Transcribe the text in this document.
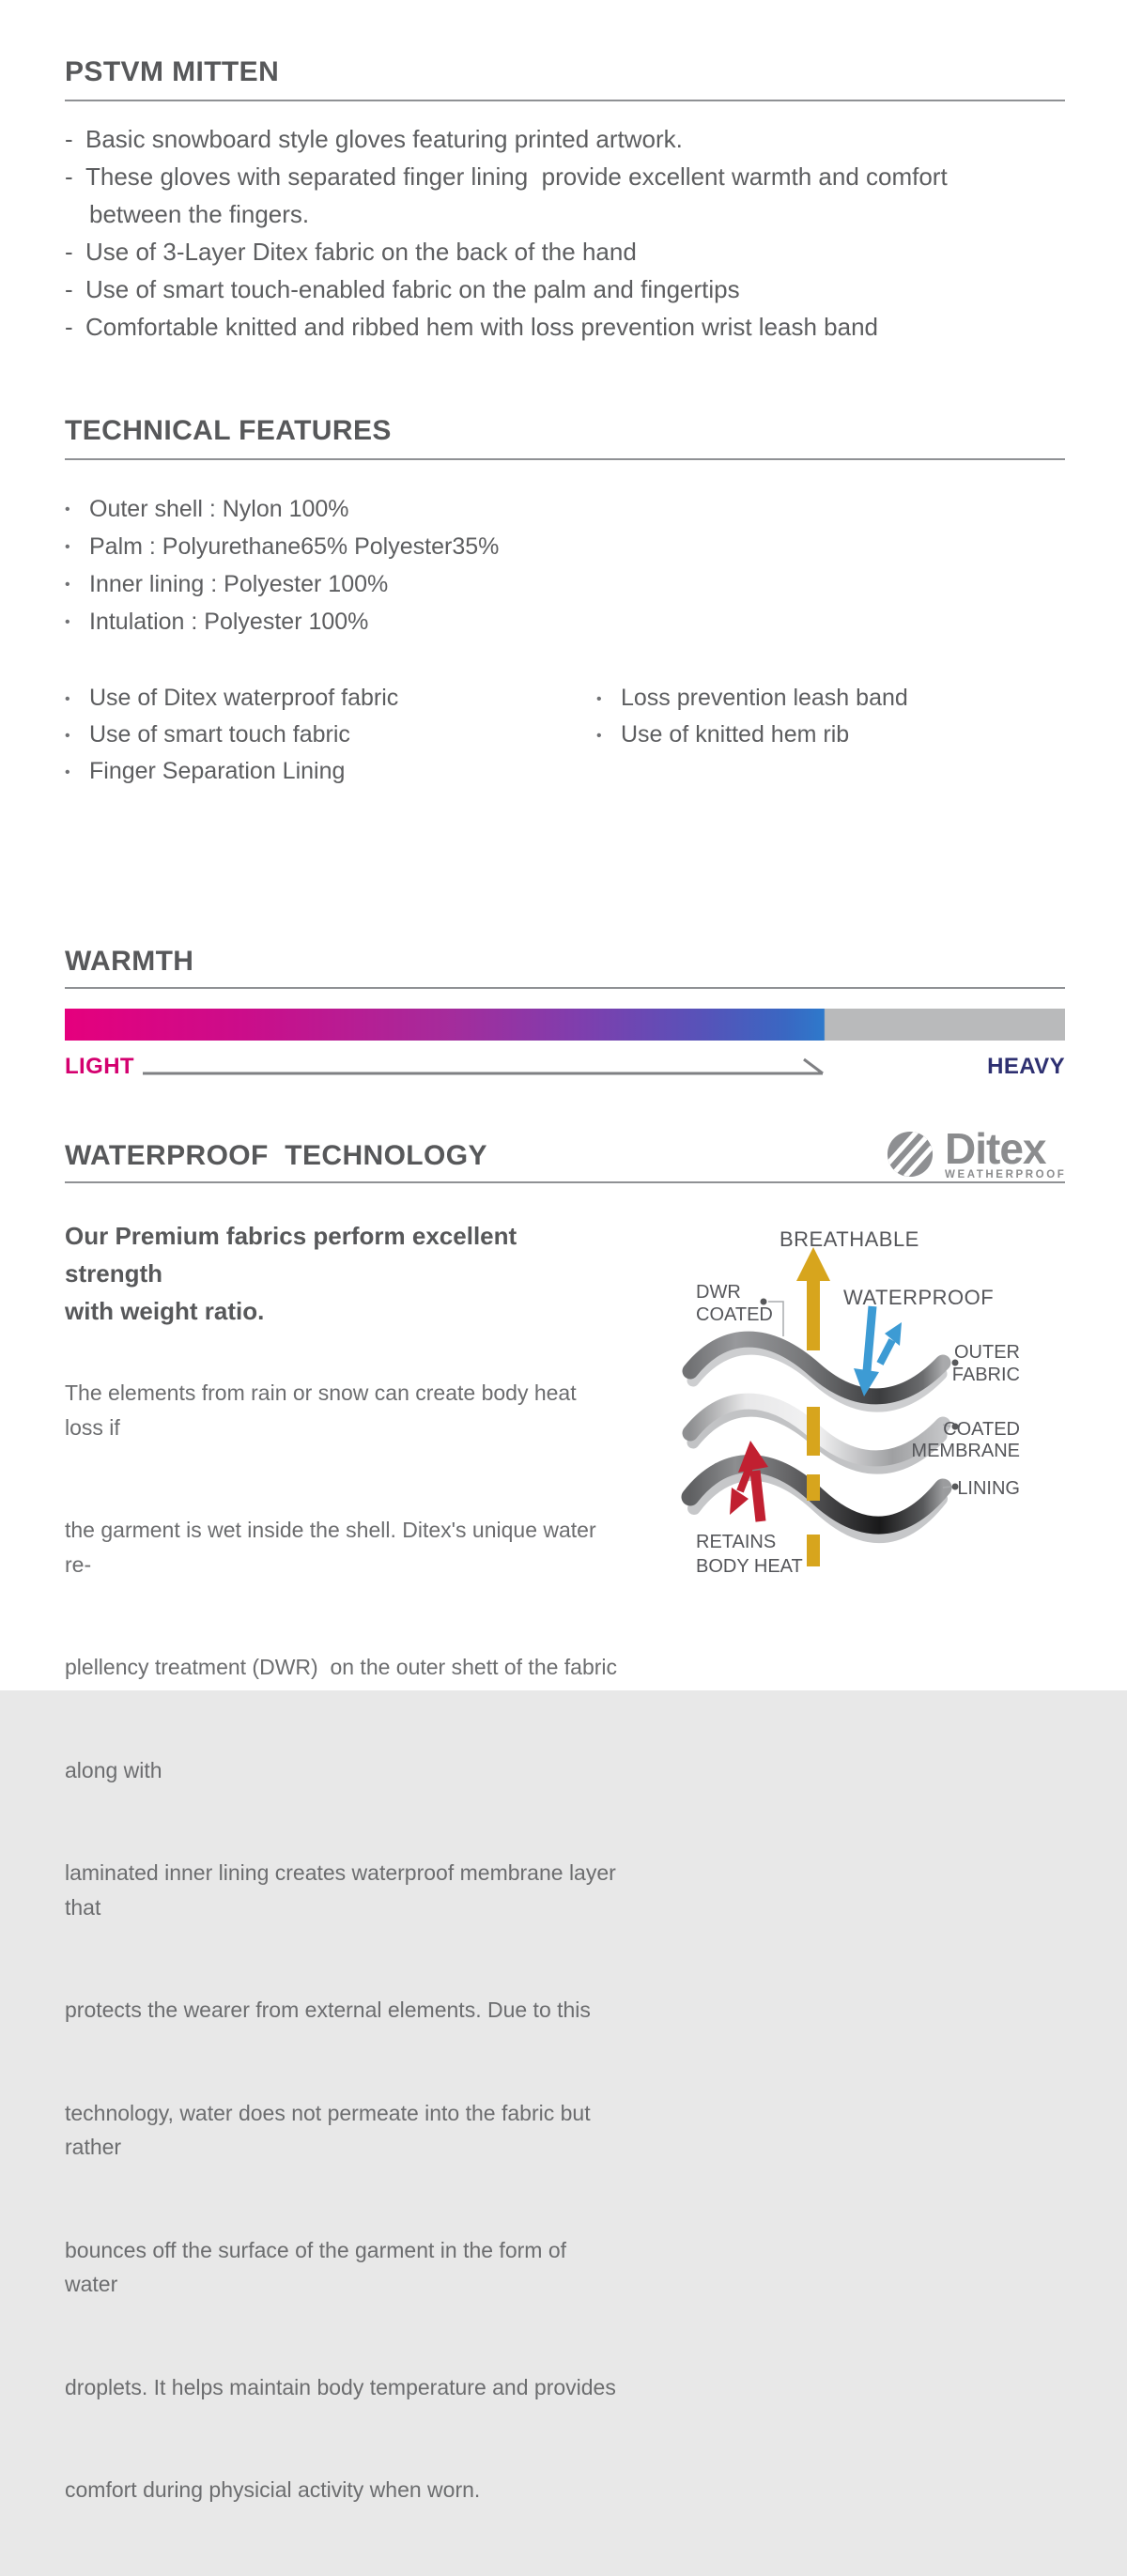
PSTVM MITTEN
- Basic snowboard style gloves featuring printed artwork.
- These gloves with separated finger lining  provide excellent warmth and comfort
between the fingers.
- Use of 3-Layer Ditex fabric on the back of the hand
- Use of smart touch-enabled fabric on the palm and fingertips
- Comfortable knitted and ribbed hem with loss prevention wrist leash band
TECHNICAL FEATURES
• Outer shell : Nylon 100%
• Palm : Polyurethane65% Polyester35%
• Inner lining : Polyester 100%
• Intulation : Polyester 100%
• Use of Ditex waterproof fabric
• Use of smart touch fabric
• Finger Separation Lining
• Loss prevention leash band
• Use of knitted hem rib
WARMTH
LIGHT	HEAVY
WATERPROOF  TECHNOLOGY	Ditex
WEATHERPROOF
Our Premium fabrics perform excellent strength
with weight ratio.

The elements from rain or snow can create body heat loss if

the garment is wet inside the shell. Ditex's unique water re-

plellency treatment (DWR)  on the outer shett of the fabric

along with

laminated inner lining creates waterproof membrane layer that

protects the wearer from external elements. Due to this

technology, water does not permeate into the fabric but rather

bounces off the surface of the garment in the form of water

droplets. It helps maintain body temperature and provides

comfort during physicial activity when worn.

BREATHABLE
WATERPROOF
DWR
COATED
OUTER
FABRIC
COATED
MEMBRANE
LINING
RETAINS
BODY HEAT
